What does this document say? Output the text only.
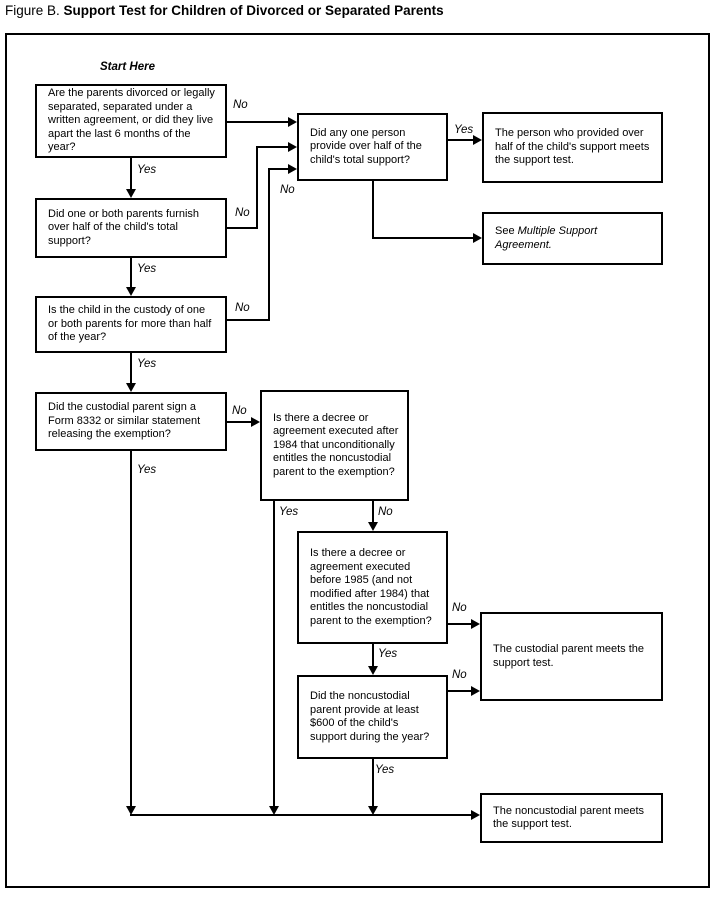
Figure B. Support Test for Children of Divorced or Separated Parents
Start Here
Are the parents divorced or legally separated, separated under a written agreement, or did they live apart the last 6 months of the year?
Did one or both parents furnish over half of the child's total support?
Is the child in the custody of one or both parents for more than half of the year?
Did the custodial parent sign a Form 8332 or similar statement releasing the exemption?
Did any one person provide over half of the child's total support?
Is there a decree or agreement executed after 1984 that unconditionally entitles the noncustodial parent to the exemption?
Is there a decree or agreement executed before 1985 (and not modified after 1984) that entitles the noncustodial parent to the exemption?
Did the noncustodial parent provide at least $600 of the child's support during the year?
The person who provided over half of the child's support meets the support test.
See Multiple Support Agreement.
The custodial parent meets the support test.
The noncustodial parent meets the support test.
No
Yes
No
Yes
No
Yes
No
Yes
Yes
No
Yes	No
No
Yes
No
Yes
